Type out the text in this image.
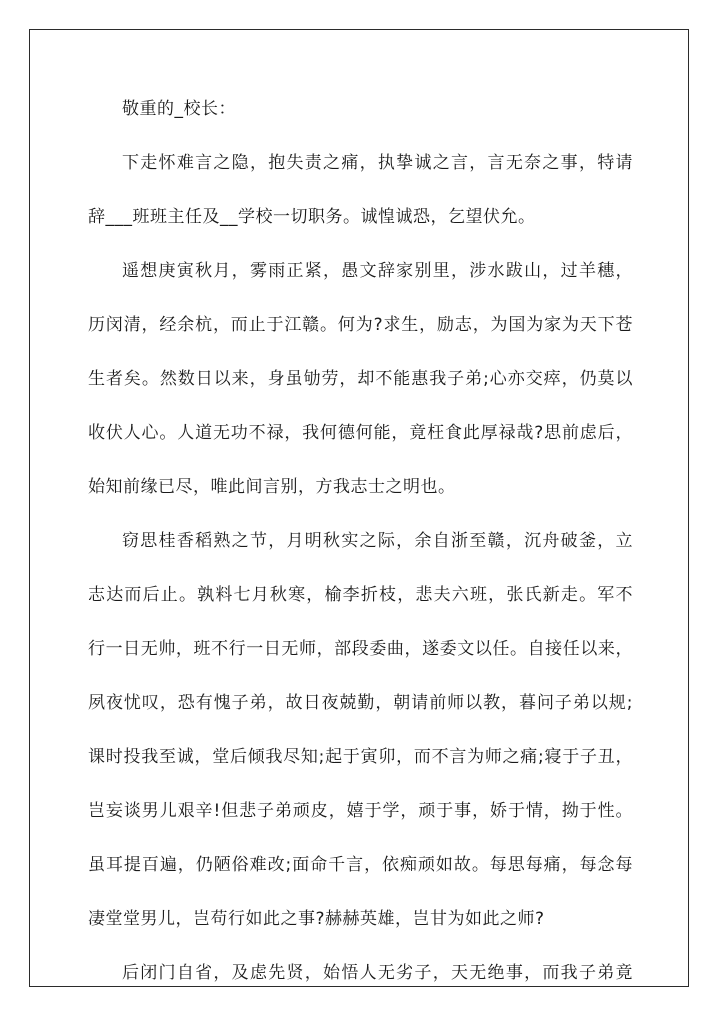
敬重的_校长：
下走怀难言之隐，抱失责之痛，执挚诚之言，言无奈之事，特请
辞___班班主任及__学校一切职务。诚惶诚恐，乞望伏允。
遥想庚寅秋月，雾雨正紧，愚文辞家别里，涉水跋山，过羊穗，
历闵清，经余杭，而止于江赣。何为?求生，励志，为国为家为天下苍
生者矣。然数日以来，身虽劬劳，却不能惠我子弟;心亦交瘁，仍莫以
收伏人心。人道无功不禄，我何德何能，竟枉食此厚禄哉?思前虑后，
始知前缘已尽，唯此间言别，方我志士之明也。
窃思桂香稻熟之节，月明秋实之际，余自浙至赣，沉舟破釜，立
志达而后止。孰料七月秋寒，榆李折枝，悲夫六班，张氏新走。军不
行一日无帅，班不行一日无师，部段委曲，遂委文以任。自接任以来，
夙夜忧叹，恐有愧子弟，故日夜兢勤，朝请前师以教，暮问子弟以规;
课时投我至诚，堂后倾我尽知;起于寅卯，而不言为师之痛;寝于子丑，
岂妄谈男儿艰辛!但悲子弟顽皮，嬉于学，顽于事，娇于情，拗于性。
虽耳提百遍，仍陋俗难改;面命千言，依痴顽如故。每思每痛，每念每
凄堂堂男儿，岂苟行如此之事?赫赫英雄，岂甘为如此之师?
后闭门自省，及虑先贤，始悟人无劣子，天无绝事，而我子弟竟
